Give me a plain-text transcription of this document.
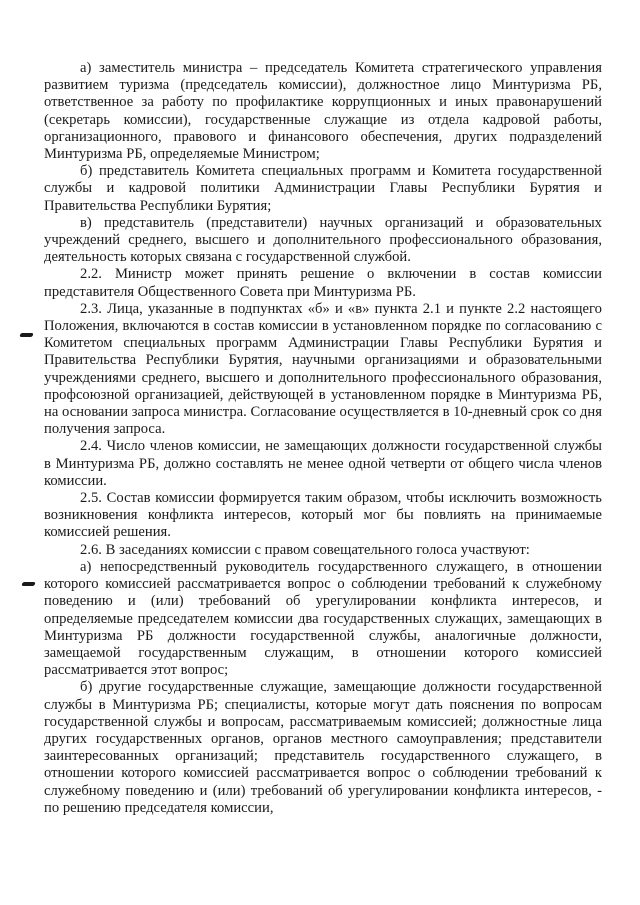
а) заместитель министра – председатель Комитета стратегического управления развитием туризма (председатель комиссии), должностное лицо Минтуризма РБ, ответственное за работу по профилактике коррупционных и иных правонарушений (секретарь комиссии), государственные служащие из отдела кадровой работы, организационного, правового и финансового обеспечения, других подразделений Минтуризма РБ, определяемые Министром;

б) представитель Комитета специальных программ и Комитета государственной службы и кадровой политики Администрации Главы Республики Бурятия и Правительства Республики Бурятия;

в) представитель (представители) научных организаций и образовательных учреждений среднего, высшего и дополнительного профессионального образования, деятельность которых связана с государственной службой.

2.2. Министр может принять решение о включении в состав комиссии представителя Общественного Совета при Минтуризма РБ.

2.3. Лица, указанные в подпунктах «б» и «в» пункта 2.1 и пункте 2.2 настоящего Положения, включаются в состав комиссии в установленном порядке по согласованию с Комитетом специальных программ Администрации Главы Республики Бурятия и Правительства Республики Бурятия, научными организациями и образовательными учреждениями среднего, высшего и дополнительного профессионального образования, профсоюзной организацией, действующей в установленном порядке в Минтуризма РБ, на основании запроса министра. Согласование осуществляется в 10-дневный срок со дня получения запроса.

2.4. Число членов комиссии, не замещающих должности государственной службы в Минтуризма РБ, должно составлять не менее одной четверти от общего числа членов комиссии.

2.5. Состав комиссии формируется таким образом, чтобы исключить возможность возникновения конфликта интересов, который мог бы повлиять на принимаемые комиссией решения.

2.6. В заседаниях комиссии с правом совещательного голоса участвуют:

а) непосредственный руководитель государственного служащего, в отношении которого комиссией рассматривается вопрос о соблюдении требований к служебному поведению и (или) требований об урегулировании конфликта интересов, и определяемые председателем комиссии два государственных служащих, замещающих в Минтуризма РБ должности государственной службы, аналогичные должности, замещаемой государственным служащим, в отношении которого комиссией рассматривается этот вопрос;

б) другие государственные служащие, замещающие должности государственной службы в Минтуризма РБ; специалисты, которые могут дать пояснения по вопросам государственной службы и вопросам, рассматриваемым комиссией; должностные лица других государственных органов, органов местного самоуправления; представители заинтересованных организаций; представитель государственного служащего, в отношении которого комиссией рассматривается вопрос о соблюдении требований к служебному поведению и (или) требований об урегулировании конфликта интересов, - по решению председателя комиссии,
